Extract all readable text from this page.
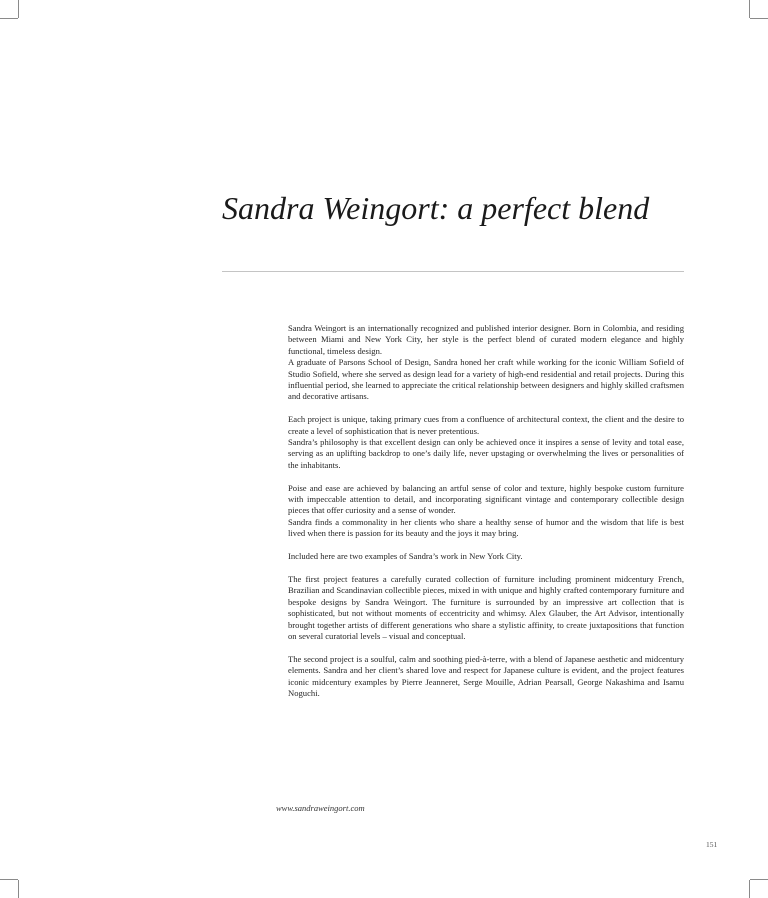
Sandra Weingort: a perfect blend

Sandra Weingort is an internationally recognized and published interior designer. Born in Colombia, and residing between Miami and New York City, her style is the perfect blend of curated modern elegance and highly functional, timeless design.

A graduate of Parsons School of Design, Sandra honed her craft while working for the iconic William Sofield of Studio Sofield, where she served as design lead for a variety of high-end residential and retail projects. During this influential period, she learned to appreciate the critical relationship between designers and highly skilled craftsmen and decorative artisans.

Each project is unique, taking primary cues from a confluence of architectural context, the client and the desire to create a level of sophistication that is never pretentious.

Sandra’s philosophy is that excellent design can only be achieved once it inspires a sense of levity and total ease, serving as an uplifting backdrop to one’s daily life, never upstaging or overwhelming the lives or personalities of the inhabitants.

Poise and ease are achieved by balancing an artful sense of color and texture, highly bespoke custom furniture with impeccable attention to detail, and incorporating significant vintage and contemporary collectible design pieces that offer curiosity and a sense of wonder.

Sandra finds a commonality in her clients who share a healthy sense of humor and the wisdom that life is best lived when there is passion for its beauty and the joys it may bring.

Included here are two examples of Sandra’s work in New York City.

The first project features a carefully curated collection of furniture including prominent midcentury French, Brazilian and Scandinavian collectible pieces, mixed in with unique and highly crafted contemporary furniture and bespoke designs by Sandra Weingort. The furniture is surrounded by an impressive art collection that is sophisticated, but not without moments of eccentricity and whimsy. Alex Glauber, the Art Advisor, intentionally brought together artists of different generations who share a stylistic affinity, to create juxtapositions that function on several curatorial levels – visual and conceptual.

The second project is a soulful, calm and soothing pied-à-terre, with a blend of Japanese aesthetic and midcentury elements. Sandra and her client’s shared love and respect for Japanese culture is evident, and the project features iconic midcentury examples by Pierre Jeanneret, Serge Mouille, Adrian Pearsall, George Nakashima and Isamu Noguchi.

www.sandraweingort.com
151
